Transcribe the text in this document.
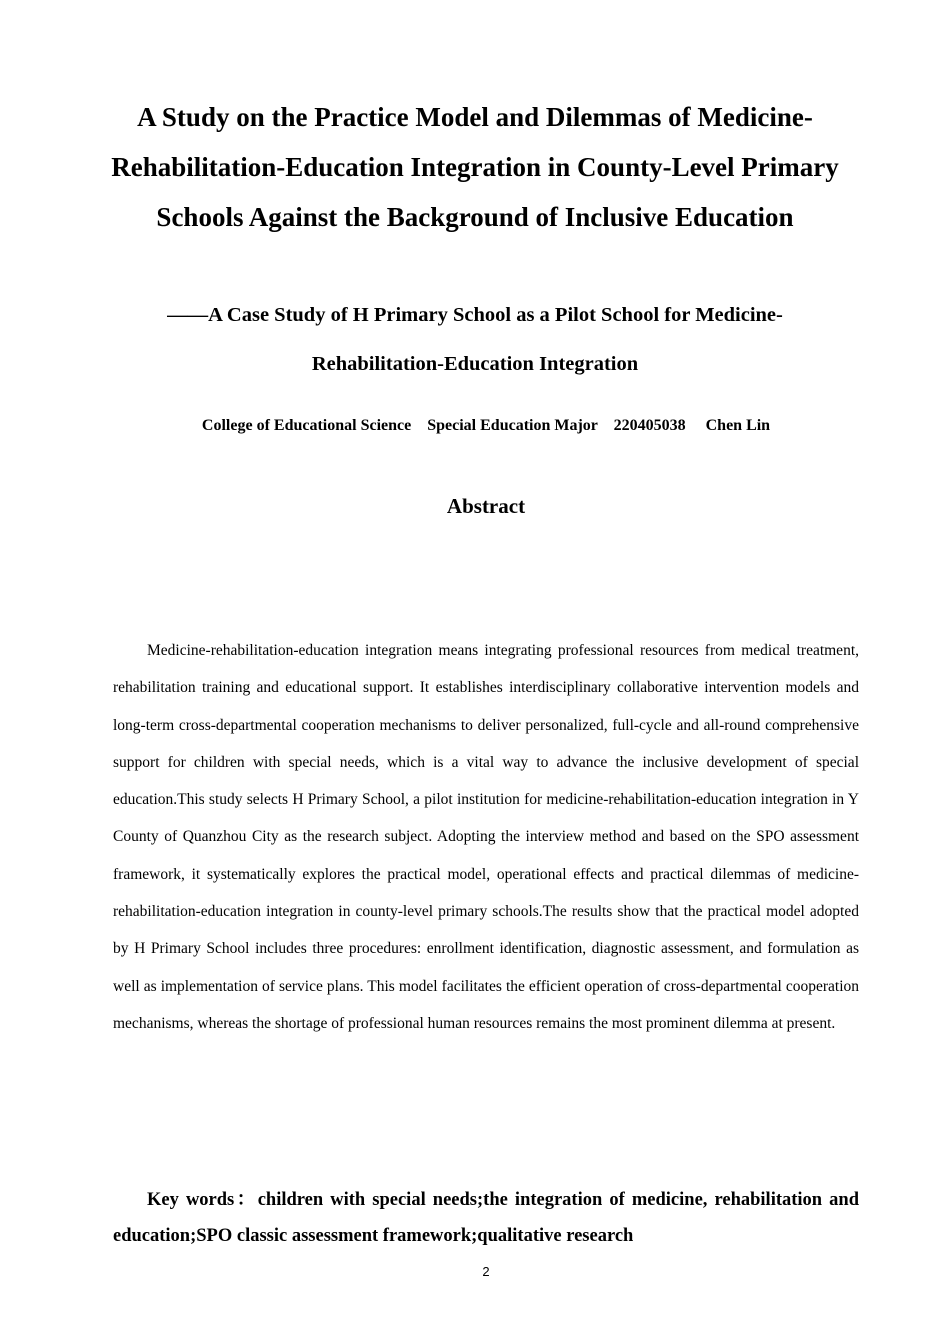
A Study on the Practice Model and Dilemmas of Medicine-Rehabilitation-Education Integration in County-Level Primary Schools Against the Background of Inclusive Education
——A Case Study of H Primary School as a Pilot School for Medicine-Rehabilitation-Education Integration

College of Educational Science    Special Education Major    220405038     Chen Lin

Abstract

Medicine-rehabilitation-education integration means integrating professional resources from medical treatment, rehabilitation training and educational support. It establishes interdisciplinary collaborative intervention models and long-term cross-departmental cooperation mechanisms to deliver personalized, full-cycle and all-round comprehensive support for children with special needs, which is a vital way to advance the inclusive development of special education.This study selects H Primary School, a pilot institution for medicine-rehabilitation-education integration in Y County of Quanzhou City as the research subject. Adopting the interview method and based on the SPO assessment framework, it systematically explores the practical model, operational effects and practical dilemmas of medicine-rehabilitation-education integration in county-level primary schools.The results show that the practical model adopted by H Primary School includes three procedures: enrollment identification, diagnostic assessment, and formulation as well as implementation of service plans. This model facilitates the efficient operation of cross-departmental cooperation mechanisms, whereas the shortage of professional human resources remains the most prominent dilemma at present.

Key words：children with special needs;the integration of medicine, rehabilitation and education;SPO classic assessment framework;qualitative research

2
